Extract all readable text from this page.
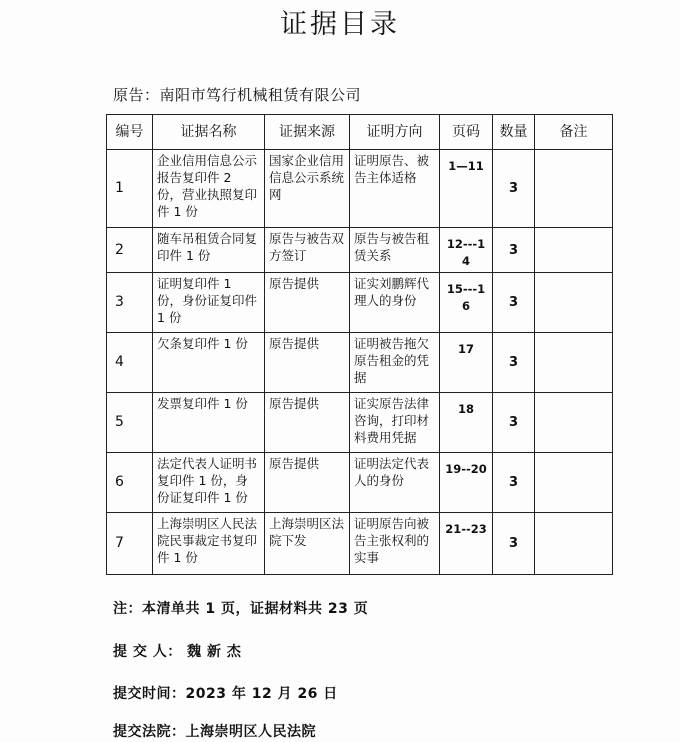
证据目录
原告：南阳市笃行机械租赁有限公司
编号	证据名称	证据来源	证明方向	页码	数量	备注
1	企业信用信息公示报告复印件 2 份，营业执照复印件 1 份	国家企业信用信息公示系统网	证明原告、被告主体适格	1—11	3	
2	随车吊租赁合同复印件 1 份	原告与被告双方签订	原告与被告租赁关系	12---14	3	
3	证明复印件 1 份，身份证复印件 1 份	原告提供	证实刘鹏辉代理人的身份	15---16	3	
4	欠条复印件 1 份	原告提供	证明被告拖欠原告租金的凭据	17	3	
5	发票复印件 1 份	原告提供	证实原告法律咨询，打印材料费用凭据	18	3	
6	法定代表人证明书复印件 1 份，身份证复印件 1 份	原告提供	证明法定代表人的身份	19--20	3	
7	上海崇明区人民法院民事裁定书复印件 1 份	上海崇明区法院下发	证明原告向被告主张权利的实事	21--23	3	
注：本清单共 1 页，证据材料共 23 页
提 交 人： 魏 新 杰
提交时间：2023 年 12 月 26 日
提交法院：上海崇明区人民法院
